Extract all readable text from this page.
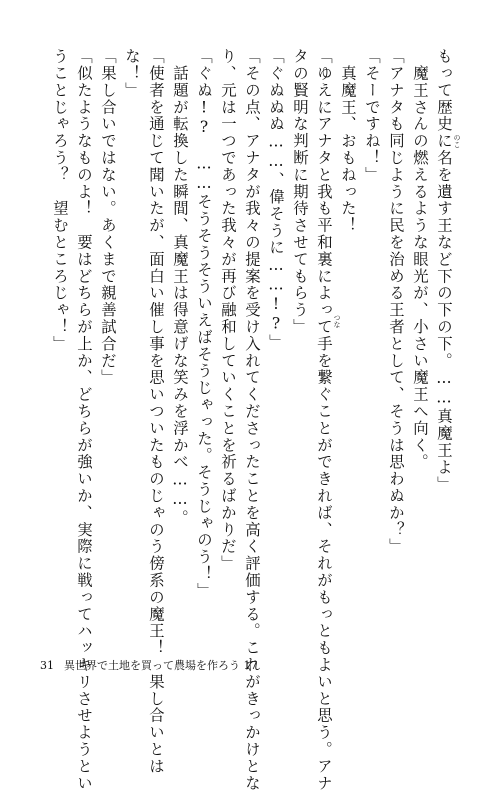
もって歴史に名を遺す王など下の下の下。……真魔王よ」
　魔王さんの燃えるような眼光が、小さい魔王へ向く。
「アナタも同じように民を治める王者として、そうは思わぬか？」
「そーですね！」
　真魔王、おもねった！
「ゆえにアナタと我も平和裏によって手を繋ぐことができれば、それがもっともよいと思う。アナ
タの賢明な判断に期待させてもらう」
「ぐぬぬぬ……、偉そうに……!?」
「その点、アナタが我々の提案を受け入れてくださったことを高く評価する。これがきっかけとな
り、元は一つであった我々が再び融和していくことを祈るばかりだ」
「ぐぬ!?　……そうそうそういえばそうじゃった。そうじゃのう！」
　話題が転換した瞬間、真魔王は得意げな笑みを浮かべ……。
「使者を通じて聞いたが、面白い催し事を思いついたものじゃのう傍系の魔王！　果し合いとは
な！」
「果し合いではない。あくまで親善試合だ」
「似たようなものよ！　要はどちらが上か、どちらが強いか、実際に戦ってハッキリさせようとい
うことじゃろう？　望むところじゃ！」	のこ
つな
31 異世界で土地を買って農場を作ろう 17
